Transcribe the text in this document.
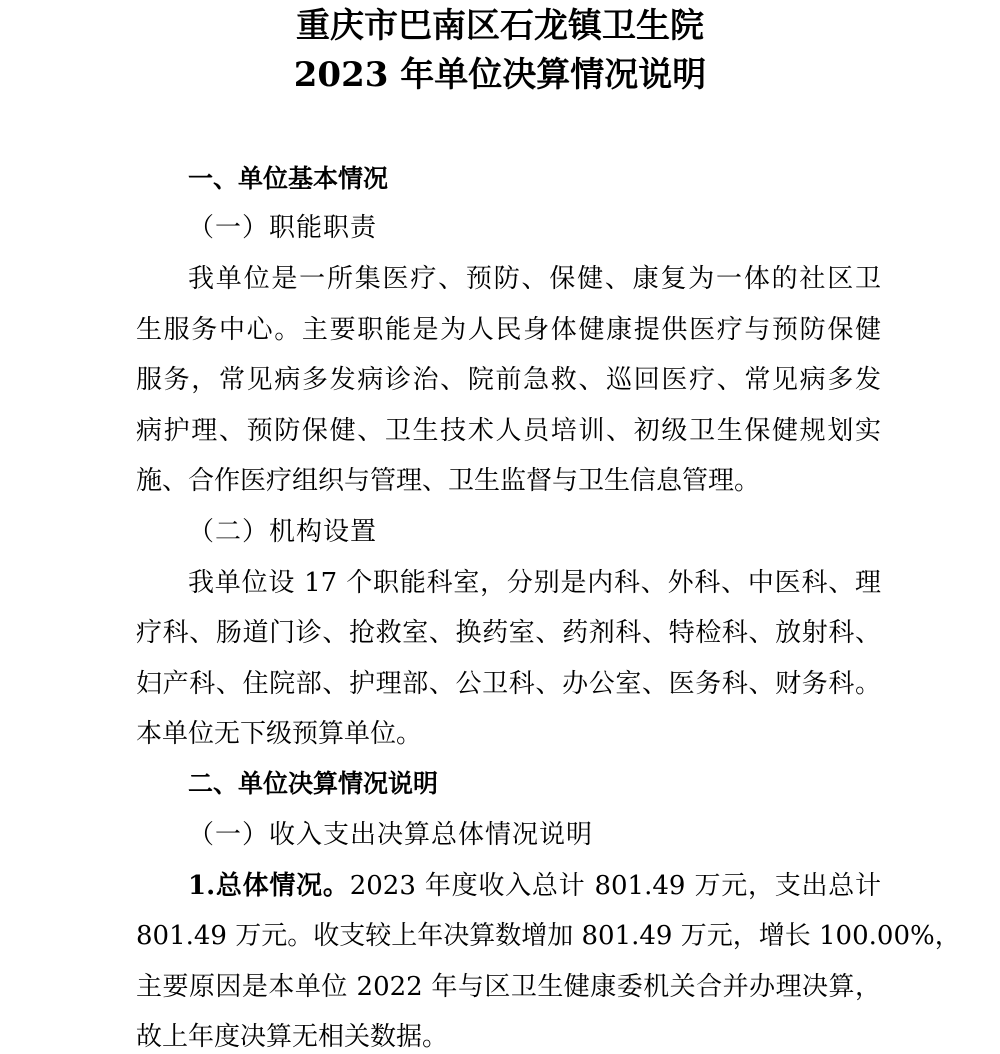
重庆市巴南区石龙镇卫生院
2023 年单位决算情况说明
一、单位基本情况
（一）职能职责
我单位是一所集医疗、预防、保健、康复为一体的社区卫
生服务中心。主要职能是为人民身体健康提供医疗与预防保健
服务，常见病多发病诊治、院前急救、巡回医疗、常见病多发
病护理、预防保健、卫生技术人员培训、初级卫生保健规划实
施、合作医疗组织与管理、卫生监督与卫生信息管理。
（二）机构设置
我单位设 17 个职能科室，分别是内科、外科、中医科、理
疗科、肠道门诊、抢救室、换药室、药剂科、特检科、放射科、
妇产科、住院部、护理部、公卫科、办公室、医务科、财务科。
本单位无下级预算单位。
二、单位决算情况说明
（一）收入支出决算总体情况说明
1.总体情况。2023 年度收入总计 801.49 万元，支出总计
801.49 万元。收支较上年决算数增加 801.49 万元，增长 100.00%，
主要原因是本单位 2022 年与区卫生健康委机关合并办理决算，
故上年度决算无相关数据。
